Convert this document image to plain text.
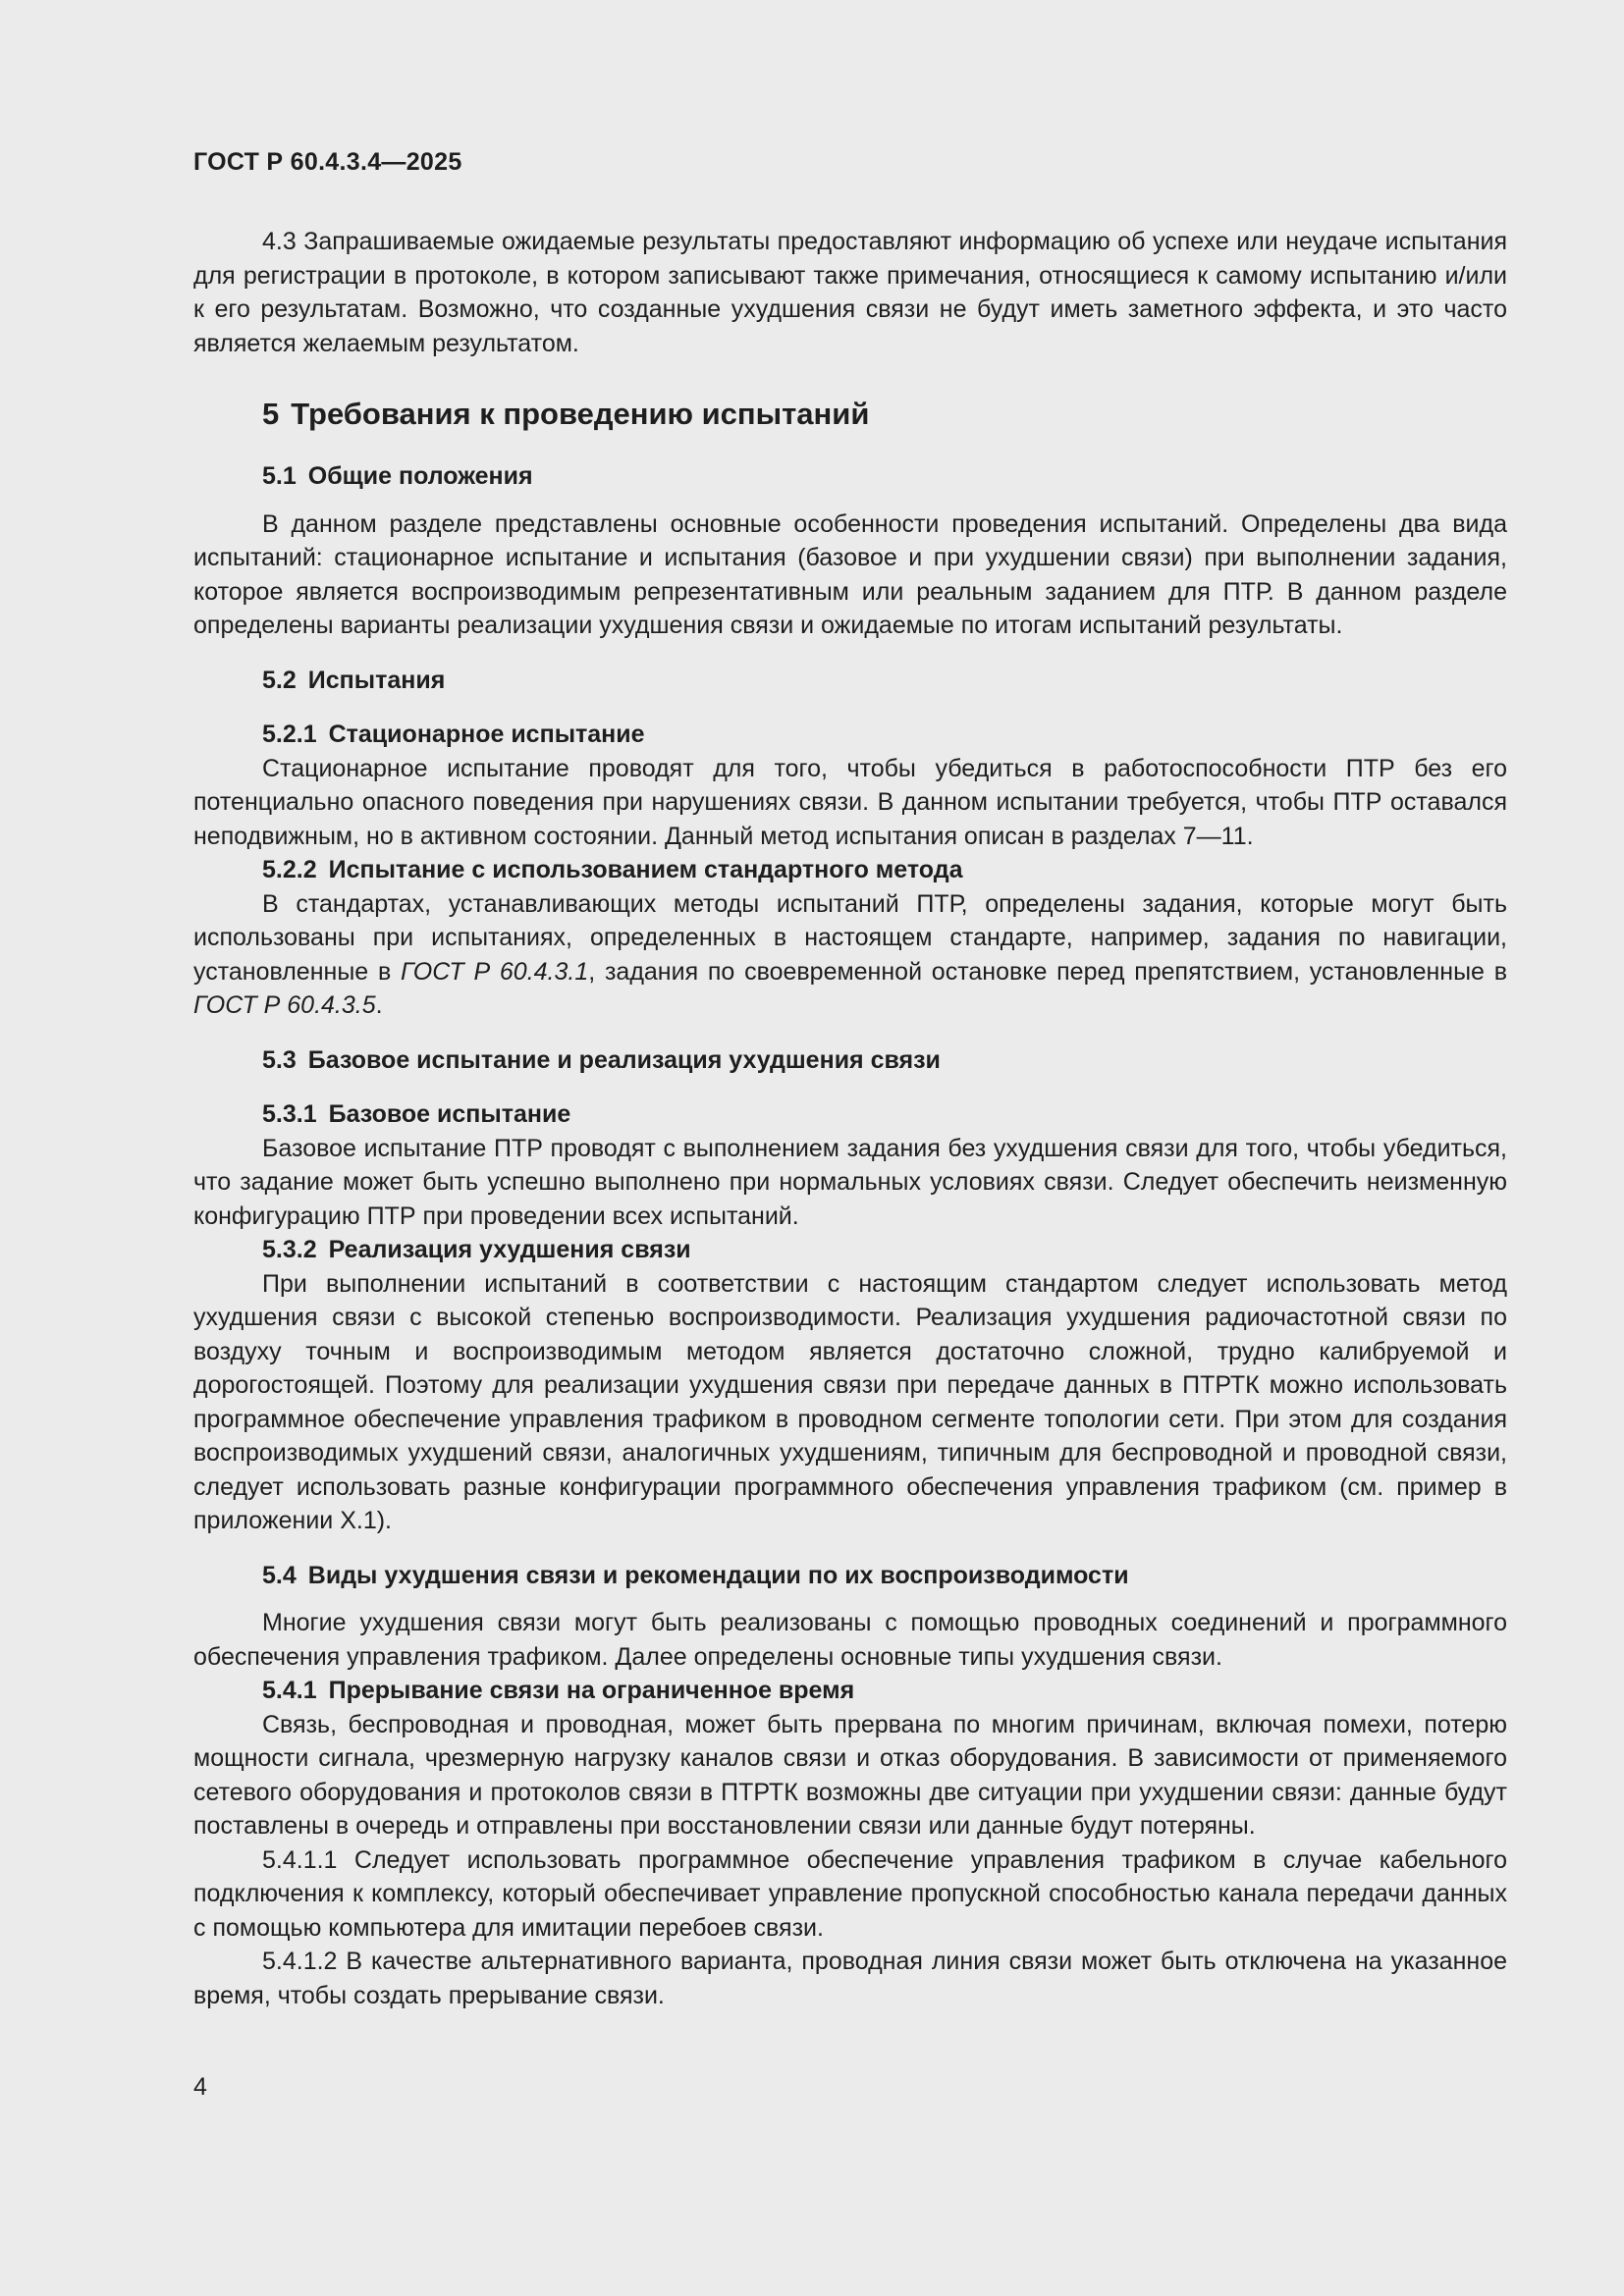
ГОСТ Р 60.4.3.4—2025

4.3 Запрашиваемые ожидаемые результаты предоставляют информацию об успехе или неудаче испытания для регистрации в протоколе, в котором записывают также примечания, относящиеся к самому испытанию и/или к его результатам. Возможно, что созданные ухудшения связи не будут иметь заметного эффекта, и это часто является желаемым результатом.

5 Требования к проведению испытаний
5.1 Общие положения

В данном разделе представлены основные особенности проведения испытаний. Определены два вида испытаний: стационарное испытание и испытания (базовое и при ухудшении связи) при выполнении задания, которое является воспроизводимым репрезентативным или реальным заданием для ПТР. В данном разделе определены варианты реализации ухудшения связи и ожидаемые по итогам испытаний результаты.

5.2 Испытания
5.2.1 Стационарное испытание

Стационарное испытание проводят для того, чтобы убедиться в работоспособности ПТР без его потенциально опасного поведения при нарушениях связи. В данном испытании требуется, чтобы ПТР оставался неподвижным, но в активном состоянии. Данный метод испытания описан в разделах 7—11.

5.2.2 Испытание с использованием стандартного метода

В стандартах, устанавливающих методы испытаний ПТР, определены задания, которые могут быть использованы при испытаниях, определенных в настоящем стандарте, например, задания по навигации, установленные в ГОСТ Р 60.4.3.1, задания по своевременной остановке перед препятствием, установленные в ГОСТ Р 60.4.3.5.

5.3 Базовое испытание и реализация ухудшения связи
5.3.1 Базовое испытание

Базовое испытание ПТР проводят с выполнением задания без ухудшения связи для того, чтобы убедиться, что задание может быть успешно выполнено при нормальных условиях связи. Следует обеспечить неизменную конфигурацию ПТР при проведении всех испытаний.

5.3.2 Реализация ухудшения связи

При выполнении испытаний в соответствии с настоящим стандартом следует использовать метод ухудшения связи с высокой степенью воспроизводимости. Реализация ухудшения радиочастотной связи по воздуху точным и воспроизводимым методом является достаточно сложной, трудно калибруемой и дорогостоящей. Поэтому для реализации ухудшения связи при передаче данных в ПТРТК можно использовать программное обеспечение управления трафиком в проводном сегменте топологии сети. При этом для создания воспроизводимых ухудшений связи, аналогичных ухудшениям, типичным для беспроводной и проводной связи, следует использовать разные конфигурации программного обеспечения управления трафиком (см. пример в приложении Х.1).

5.4 Виды ухудшения связи и рекомендации по их воспроизводимости

Многие ухудшения связи могут быть реализованы с помощью проводных соединений и программного обеспечения управления трафиком. Далее определены основные типы ухудшения связи.

5.4.1 Прерывание связи на ограниченное время

Связь, беспроводная и проводная, может быть прервана по многим причинам, включая помехи, потерю мощности сигнала, чрезмерную нагрузку каналов связи и отказ оборудования. В зависимости от применяемого сетевого оборудования и протоколов связи в ПТРТК возможны две ситуации при ухудшении связи: данные будут поставлены в очередь и отправлены при восстановлении связи или данные будут потеряны.

5.4.1.1 Следует использовать программное обеспечение управления трафиком в случае кабельного подключения к комплексу, который обеспечивает управление пропускной способностью канала передачи данных с помощью компьютера для имитации перебоев связи.

5.4.1.2 В качестве альтернативного варианта, проводная линия связи может быть отключена на указанное время, чтобы создать прерывание связи.

4
